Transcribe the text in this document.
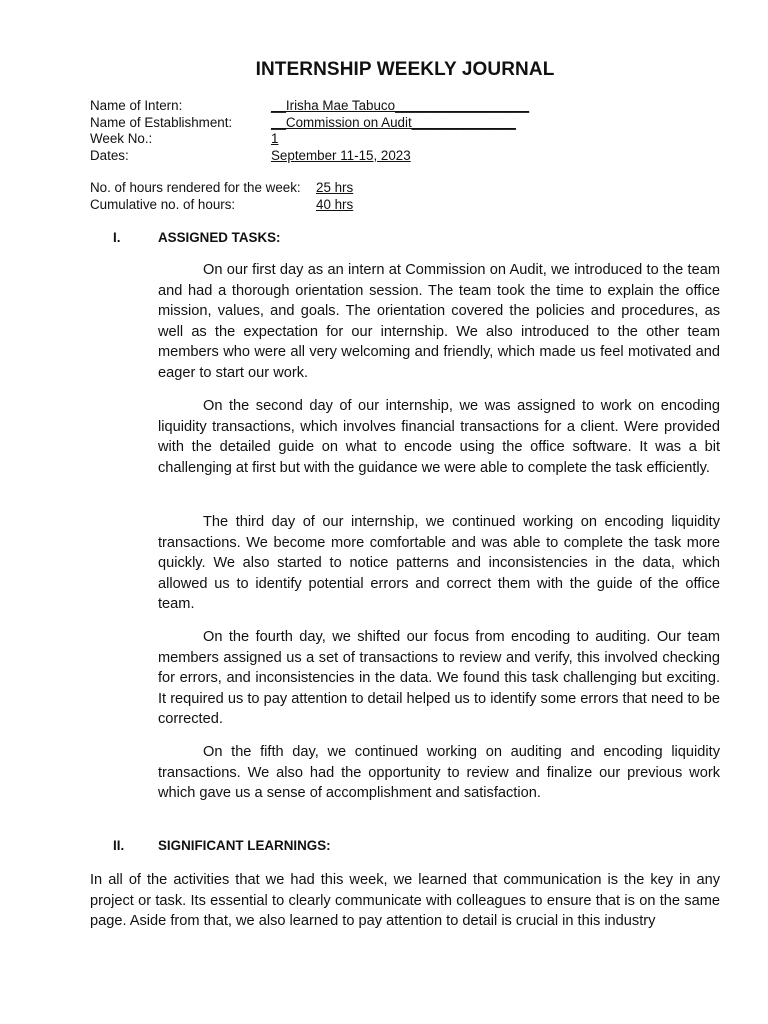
INTERNSHIP WEEKLY JOURNAL
Name of Intern:	__Irisha Mae Tabuco__________________
Name of Establishment:	__Commission on Audit______________
Week No.:	1
Dates:	September 11-15, 2023
No. of hours rendered for the week:	25 hrs
Cumulative no. of hours:	40 hrs
I.	ASSIGNED TASKS:

On our first day as an intern at Commission on Audit, we introduced to the team and had a thorough orientation session. The team took the time to explain the office mission, values, and goals. The orientation covered the policies and procedures, as well as the expectation for our internship. We also introduced to the other team members who were all very welcoming and friendly, which made us feel motivated and eager to start our work.

On the second day of our internship, we was assigned to work on encoding liquidity transactions, which involves financial transactions for a client. Were provided with the detailed guide on what to encode using the office software. It was a bit challenging at first but with the guidance we were able to complete the task efficiently.

The third day of our internship, we continued working on encoding liquidity transactions. We become more comfortable and was able to complete the task more quickly. We also started to notice patterns and inconsistencies in the data, which allowed us to identify potential errors and correct them with the guide of the office team.

On the fourth day, we shifted our focus from encoding to auditing. Our team members assigned us a set of transactions to review and verify, this involved checking for errors, and inconsistencies in the data. We found this task challenging but exciting. It required us to pay attention to detail helped us to identify some errors that need to be corrected.

On the fifth day, we continued working on auditing and encoding liquidity transactions. We also had the opportunity to review and finalize our previous work which gave us a sense of accomplishment and satisfaction.

II.	SIGNIFICANT LEARNINGS:

In all of the activities that we had this week, we learned that communication is the key in any project or task. Its essential to clearly communicate with colleagues to ensure that is on the same page. Aside from that, we also learned to pay attention to detail is crucial in this industry
